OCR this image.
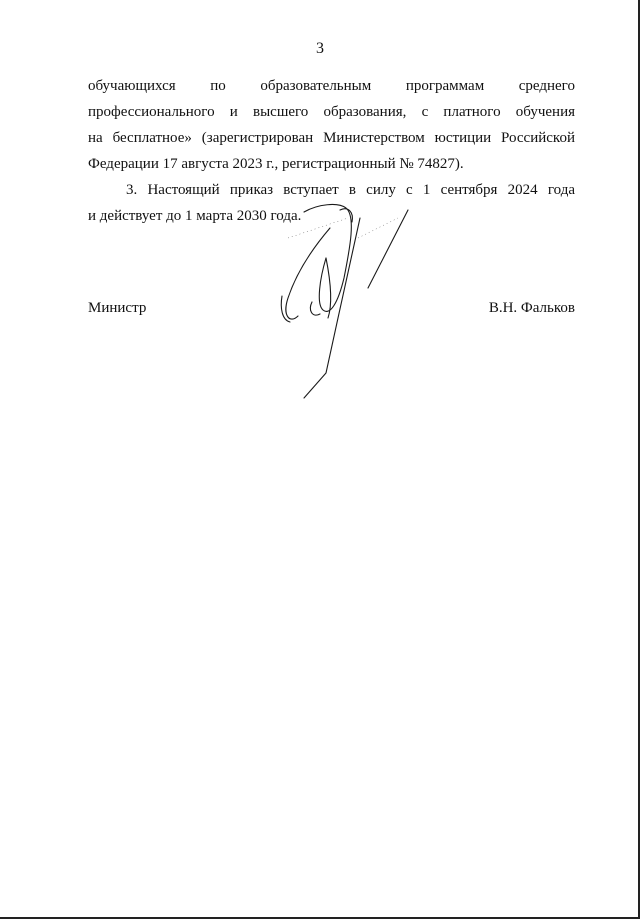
3
обучающихся по образовательным программам среднего
профессионального и высшего образования, с платного обучения
на бесплатное» (зарегистрирован Министерством юстиции Российской
Федерации 17 августа 2023 г., регистрационный № 74827).
3. Настоящий приказ вступает в силу с 1 сентября 2024 года
и действует до 1 марта 2030 года.
Министр	В.Н. Фальков
